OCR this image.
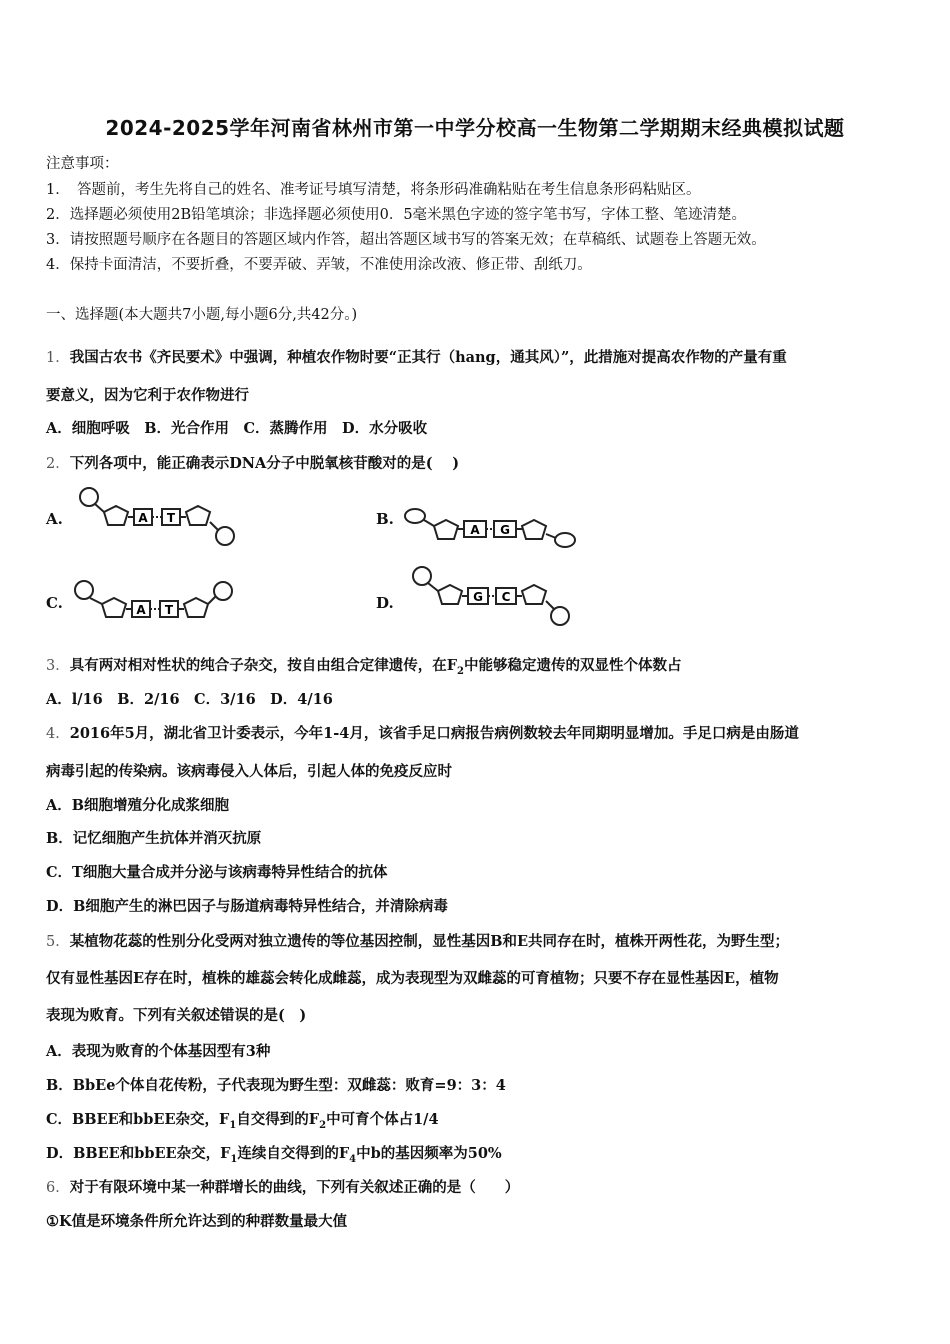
2024-2025学年河南省林州市第一中学分校高一生物第二学期期末经典模拟试题
注意事项：
1．　答题前，考生先将自己的姓名、准考证号填写清楚，将条形码准确粘贴在考生信息条形码粘贴区。
2．选择题必须使用2B铅笔填涂；非选择题必须使用0．5毫米黑色字迹的签字笔书写，字体工整、笔迹清楚。
3．请按照题号顺序在各题目的答题区域内作答，超出答题区域书写的答案无效；在草稿纸、试题卷上答题无效。
4．保持卡面清洁，不要折叠，不要弄破、弄皱，不准使用涂改液、修正带、刮纸刀。
一、选择题(本大题共7小题,每小题6分,共42分。)
1．我国古农书《齐民要术》中强调，种植农作物时要“正其行（hang，通其风）”，此措施对提高农作物的产量有重
要意义，因为它利于农作物进行
A．细胞呼吸　B．光合作用　C．蒸腾作用　D．水分吸收
2．下列各项中，能正确表示DNA分子中脱氧核苷酸对的是(　 )
A.	B.
C.	D.
A T
A G
A T
G C
3．具有两对相对性状的纯合子杂交，按自由组合定律遗传，在$F_2$中能够稳定遗传的双显性个体数占
A．l/16　B．2/16　C．3/16　D．4/16
4．2016年5月，湖北省卫计委表示，今年1-4月，该省手足口病报告病例数较去年同期明显增加。手足口病是由肠道
病毒引起的传染病。该病毒侵入人体后，引起人体的免疫反应时
A．B细胞增殖分化成浆细胞
B．记忆细胞产生抗体并消灭抗原
C．T细胞大量合成并分泌与该病毒特异性结合的抗体
D．B细胞产生的淋巴因子与肠道病毒特异性结合，并清除病毒
5．某植物花蕊的性别分化受两对独立遗传的等位基因控制，显性基因B和E共同存在时，植株开两性花，为野生型；
仅有显性基因E存在时，植株的雄蕊会转化成雌蕊，成为表现型为双雌蕊的可育植物；只要不存在显性基因E，植物
表现为败育。下列有关叙述错误的是(　)
A．表现为败育的个体基因型有3种
B．BbEe个体自花传粉，子代表现为野生型：双雌蕊：败育=9：3：4
C．BBEE和bbEE杂交，$F_1$自交得到的$F_2$中可育个体占1/4
D．BBEE和bbEE杂交，$F_1$连续自交得到的$F_4$中b的基因频率为50%
6．对于有限环境中某一种群增长的曲线，下列有关叙述正确的是（　　）
①K值是环境条件所允许达到的种群数量最大值
